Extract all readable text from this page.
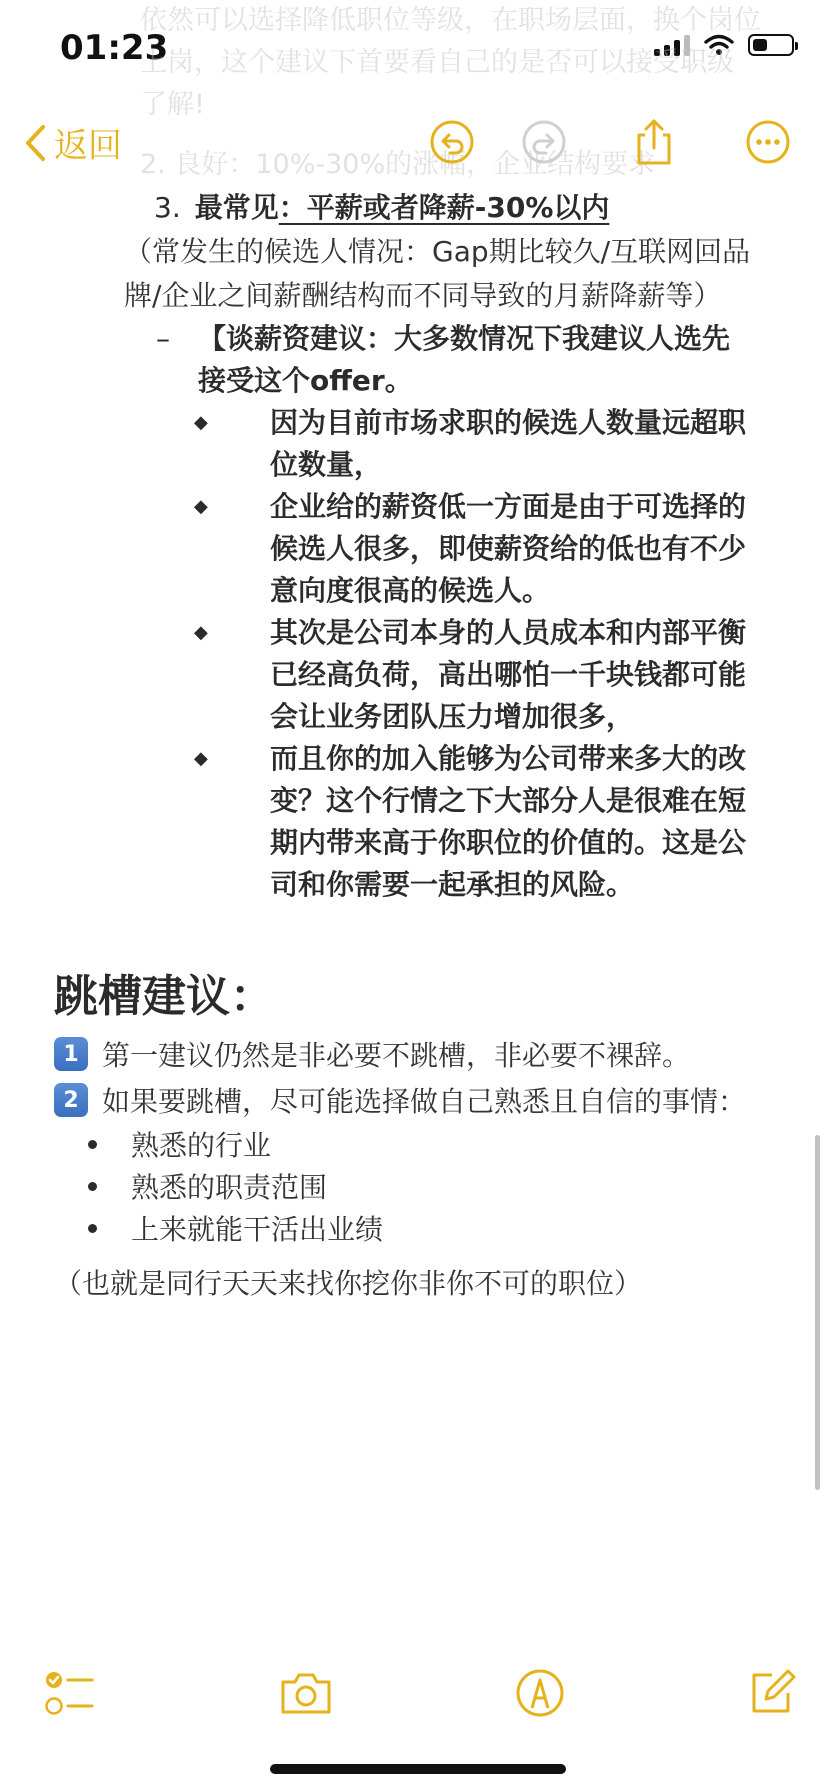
01:23
依然可以选择降低职位等级，在职场层面，换个岗位
上岗，这个建议下首要看自己的是否可以接受职级
了解!
2. 良好：10%-30%的涨幅，企业结构要求
返回
3. 最常见：平薪或者降薪-30%以内
（常发生的候选人情况：Gap期比较久/互联网回品牌/企业之间薪酬结构而不同导致的月薪降薪等）
– 【谈薪资建议：大多数情况下我建议人选先接受这个offer。
◆ 因为目前市场求职的候选人数量远超职位数量，
◆ 企业给的薪资低一方面是由于可选择的候选人很多，即使薪资给的低也有不少意向度很高的候选人。
◆ 其次是公司本身的人员成本和内部平衡已经高负荷，高出哪怕一千块钱都可能会让业务团队压力增加很多，
◆ 而且你的加入能够为公司带来多大的改变？这个行情之下大部分人是很难在短期内带来高于你职位的价值的。这是公司和你需要一起承担的风险。
跳槽建议：
1 第一建议仍然是非必要不跳槽，非必要不裸辞。
2 如果要跳槽，尽可能选择做自己熟悉且自信的事情：
熟悉的行业
熟悉的职责范围
上来就能干活出业绩
（也就是同行天天来找你挖你非你不可的职位）
